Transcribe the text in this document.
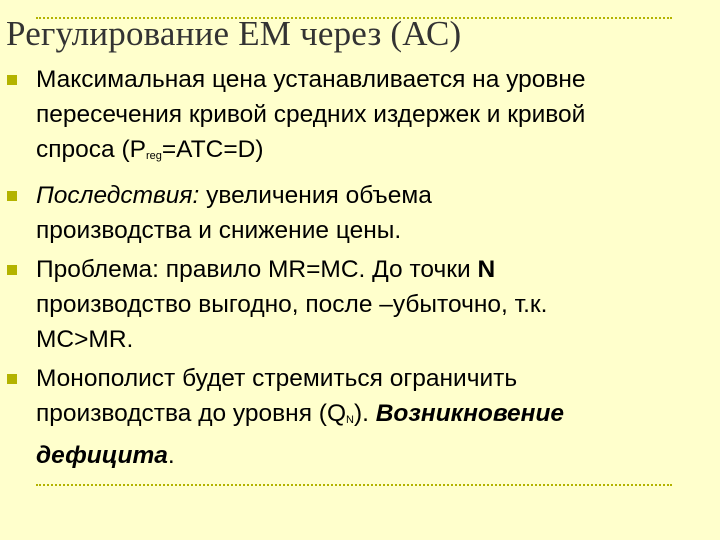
Регулирование ЕМ через (АС)
Максимальная цена устанавливается на уровне
пересечения кривой средних издержек и кривой
спроса $(P_{reg}=ATC=D)$
Последствия: увеличения объема
производства и снижение цены.
Проблема: правило MR=MC. До точки N
производство выгодно, после –убыточно, т.к.
MC>MR.
Монополист будет стремиться ограничить
производства до уровня $(Q_N)$. Возникновение
дефицита.
